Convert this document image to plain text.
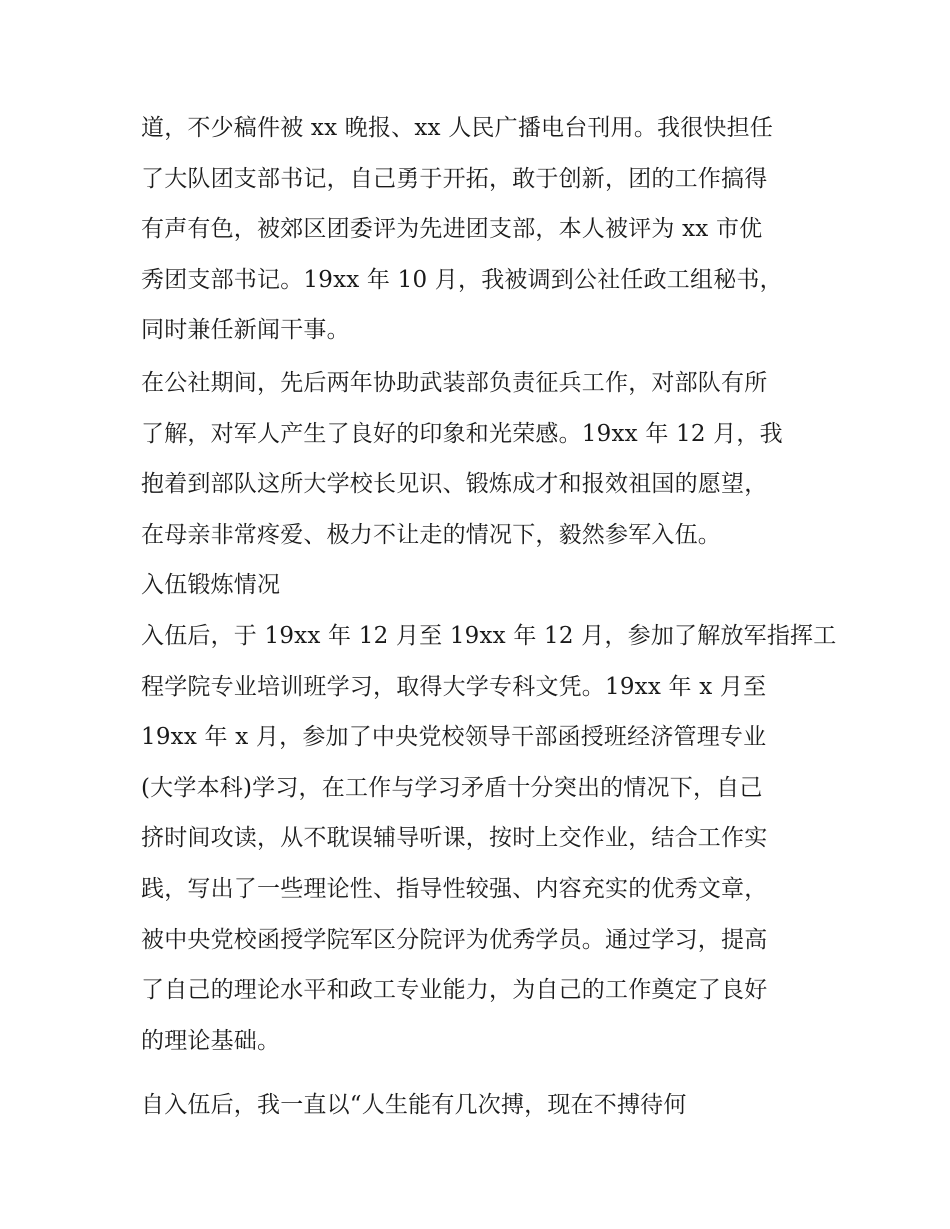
道，不少稿件被 xx 晚报、xx 人民广播电台刊用。我很快担任
了大队团支部书记，自己勇于开拓，敢于创新，团的工作搞得
有声有色，被郊区团委评为先进团支部，本人被评为 xx 市优
秀团支部书记。19xx 年 10 月，我被调到公社任政工组秘书，
同时兼任新闻干事。
在公社期间，先后两年协助武装部负责征兵工作，对部队有所
了解，对军人产生了良好的印象和光荣感。19xx 年 12 月，我
抱着到部队这所大学校长见识、锻炼成才和报效祖国的愿望，
在母亲非常疼爱、极力不让走的情况下，毅然参军入伍。
入伍锻炼情况
入伍后，于 19xx 年 12 月至 19xx 年 12 月，参加了解放军指挥工
程学院专业培训班学习，取得大学专科文凭。19xx 年 x 月至
19xx 年 x 月，参加了中央党校领导干部函授班经济管理专业
(大学本科)学习，在工作与学习矛盾十分突出的情况下，自己
挤时间攻读，从不耽误辅导听课，按时上交作业，结合工作实
践，写出了一些理论性、指导性较强、内容充实的优秀文章，
被中央党校函授学院军区分院评为优秀学员。通过学习，提高
了自己的理论水平和政工专业能力，为自己的工作奠定了良好
的理论基础。
自入伍后，我一直以“人生能有几次搏，现在不搏待何
